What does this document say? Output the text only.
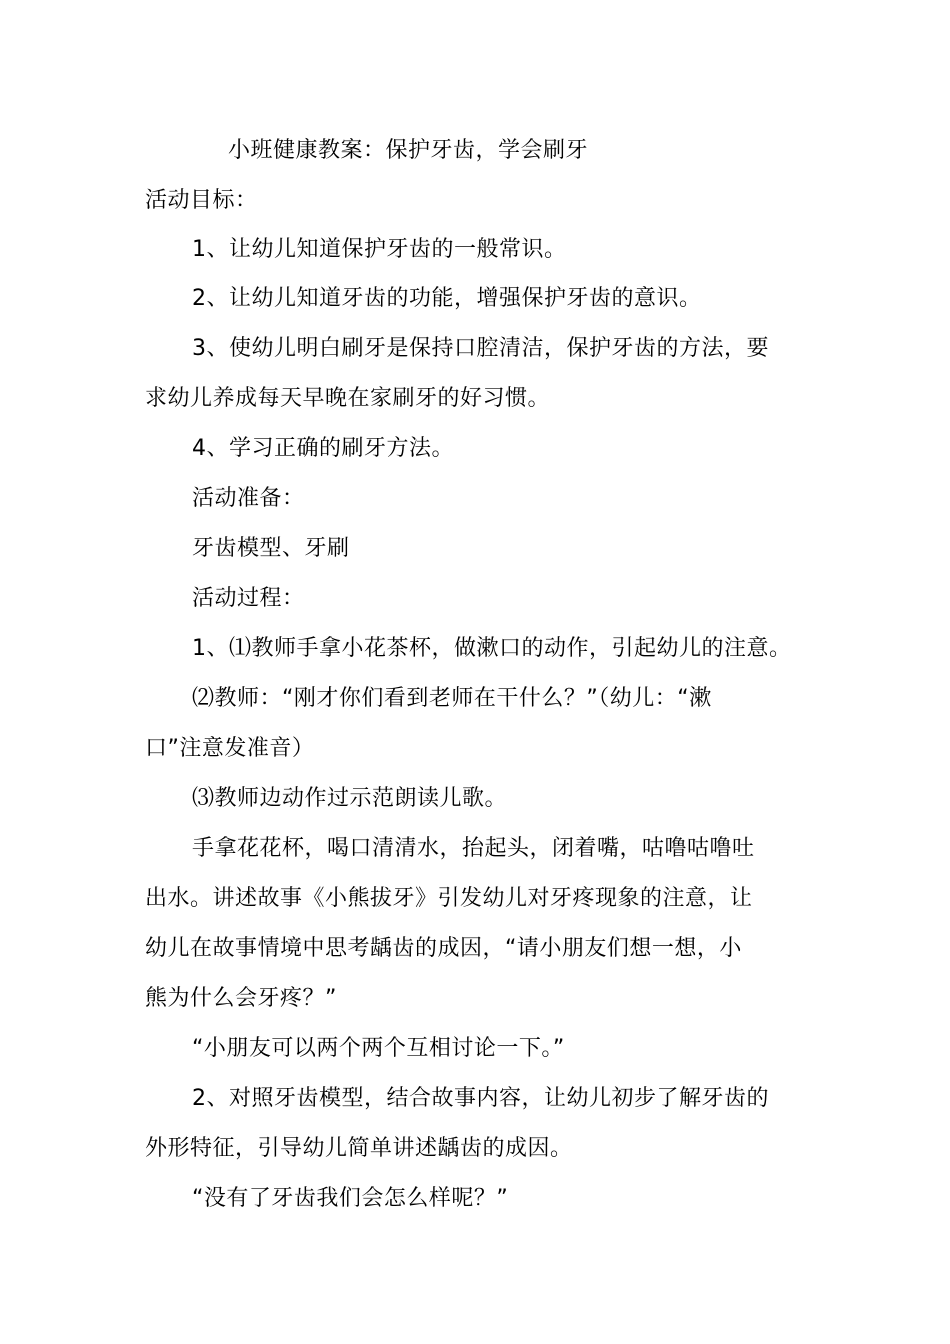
小班健康教案：保护牙齿，学会刷牙
活动目标：
1、让幼儿知道保护牙齿的一般常识。
2、让幼儿知道牙齿的功能，增强保护牙齿的意识。
3、使幼儿明白刷牙是保持口腔清洁，保护牙齿的方法，要
求幼儿养成每天早晚在家刷牙的好习惯。
4、学习正确的刷牙方法。
活动准备：
牙齿模型、牙刷
活动过程：
1、⑴教师手拿小花茶杯，做漱口的动作，引起幼儿的注意。
⑵教师：“刚才你们看到老师在干什么？”（幼儿：“漱
口”注意发准音）
⑶教师边动作过示范朗读儿歌。
手拿花花杯，喝口清清水，抬起头，闭着嘴，咕噜咕噜吐
出水。讲述故事《小熊拔牙》引发幼儿对牙疼现象的注意，让
幼儿在故事情境中思考龋齿的成因，“请小朋友们想一想，小
熊为什么会牙疼？”
“小朋友可以两个两个互相讨论一下。”
2、对照牙齿模型，结合故事内容，让幼儿初步了解牙齿的
外形特征，引导幼儿简单讲述龋齿的成因。
“没有了牙齿我们会怎么样呢？”
